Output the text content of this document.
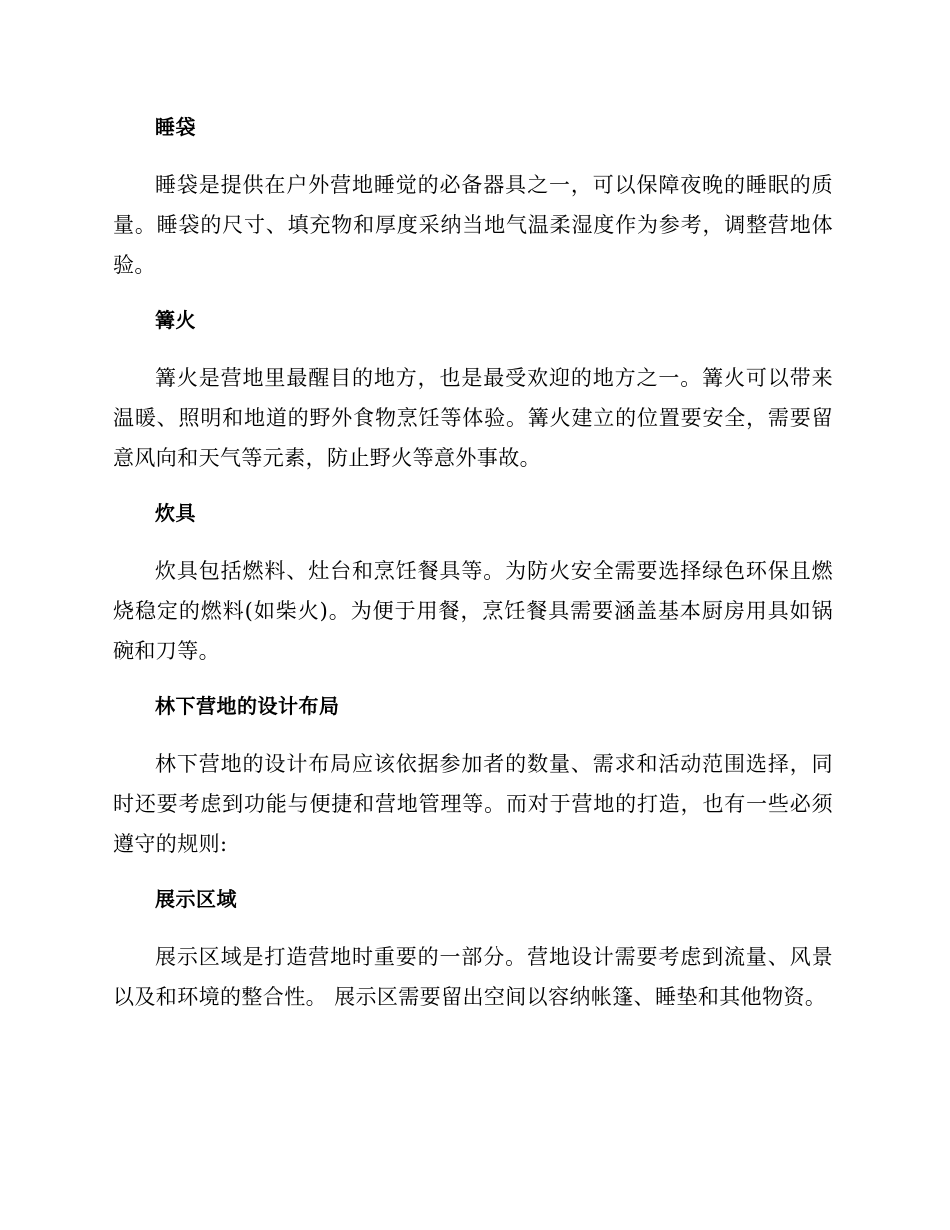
睡袋

睡袋是提供在户外营地睡觉的必备器具之一，可以保障夜晚的睡眠的质量。睡袋的尺寸、填充物和厚度采纳当地气温柔湿度作为参考，调整营地体验。

篝火

篝火是营地里最醒目的地方，也是最受欢迎的地方之一。篝火可以带来温暖、照明和地道的野外食物烹饪等体验。篝火建立的位置要安全，需要留意风向和天气等元素，防止野火等意外事故。

炊具

炊具包括燃料、灶台和烹饪餐具等。为防火安全需要选择绿色环保且燃烧稳定的燃料(如柴火)。为便于用餐，烹饪餐具需要涵盖基本厨房用具如锅碗和刀等。

林下营地的设计布局

林下营地的设计布局应该依据参加者的数量、需求和活动范围选择，同时还要考虑到功能与便捷和营地管理等。而对于营地的打造，也有一些必须遵守的规则:

展示区域

展示区域是打造营地时重要的一部分。营地设计需要考虑到流量、风景以及和环境的整合性。 展示区需要留出空间以容纳帐篷、睡垫和其他物资。
